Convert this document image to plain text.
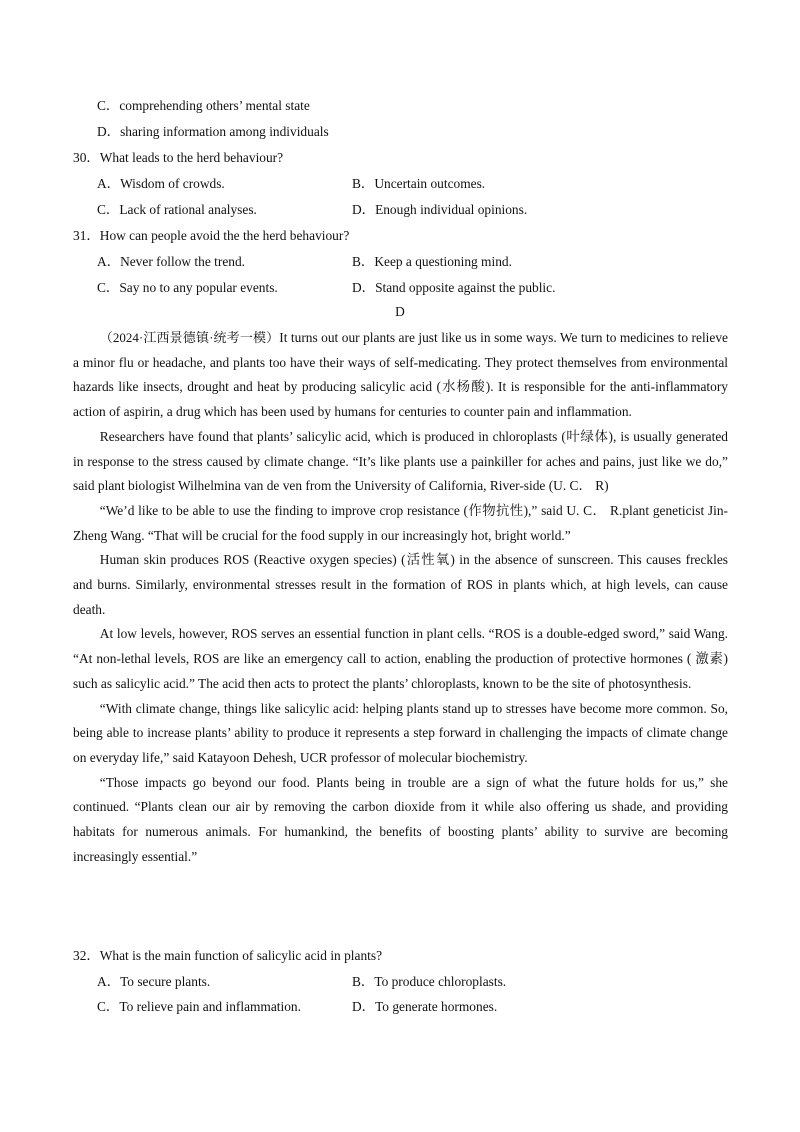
C．comprehending others’ mental state
D．sharing information among individuals
30．What leads to the herd behaviour?
A．Wisdom of crowds.	B．Uncertain outcomes.
C．Lack of rational analyses.	D．Enough individual opinions.
31．How can people avoid the the herd behaviour?
A．Never follow the trend.	B．Keep a questioning mind.
C．Say no to any popular events.	D．Stand opposite against the public.
D

（2024·江西景德镇·统考一模）It turns out our plants are just like us in some ways. We turn to medicines to relieve a minor flu or headache, and plants too have their ways of self-medicating. They protect themselves from environmental hazards like insects, drought and heat by producing salicylic acid (水杨酸). It is responsible for the anti-inflammatory action of aspirin, a drug which has been used by humans for centuries to counter pain and inflammation.

Researchers have found that plants’ salicylic acid, which is produced in chloroplasts (叶绿体), is usually generated in response to the stress caused by climate change. “It’s like plants use a painkiller for aches and pains, just like we do,” said plant biologist Wilhelmina van de ven from the University of California, River-side (U. C． R)

“We’d like to be able to use the finding to improve crop resistance (作物抗性),” said U. C． R.plant geneticist Jin-Zheng Wang. “That will be crucial for the food supply in our increasingly hot, bright world.”

Human skin produces ROS (Reactive oxygen species) (活性氧) in the absence of sunscreen. This causes freckles and burns. Similarly, environmental stresses result in the formation of ROS in plants which, at high levels, can cause death.

At low levels, however, ROS serves an essential function in plant cells. “ROS is a double-edged sword,” said Wang. “At non-lethal levels, ROS are like an emergency call to action, enabling the production of protective hormones ( 激素) such as salicylic acid.” The acid then acts to protect the plants’ chloroplasts, known to be the site of photosynthesis.

“With climate change, things like salicylic acid: helping plants stand up to stresses have become more common. So, being able to increase plants’ ability to produce it represents a step forward in challenging the impacts of climate change on everyday life,” said Katayoon Dehesh, UCR professor of molecular biochemistry.

“Those impacts go beyond our food. Plants being in trouble are a sign of what the future holds for us,” she continued. “Plants clean our air by removing the carbon dioxide from it while also offering us shade, and providing habitats for numerous animals. For humankind, the benefits of boosting plants’ ability to survive are becoming increasingly essential.”

32．What is the main function of salicylic acid in plants?
A．To secure plants.	B．To produce chloroplasts.
C．To relieve pain and inflammation.	D．To generate hormones.
